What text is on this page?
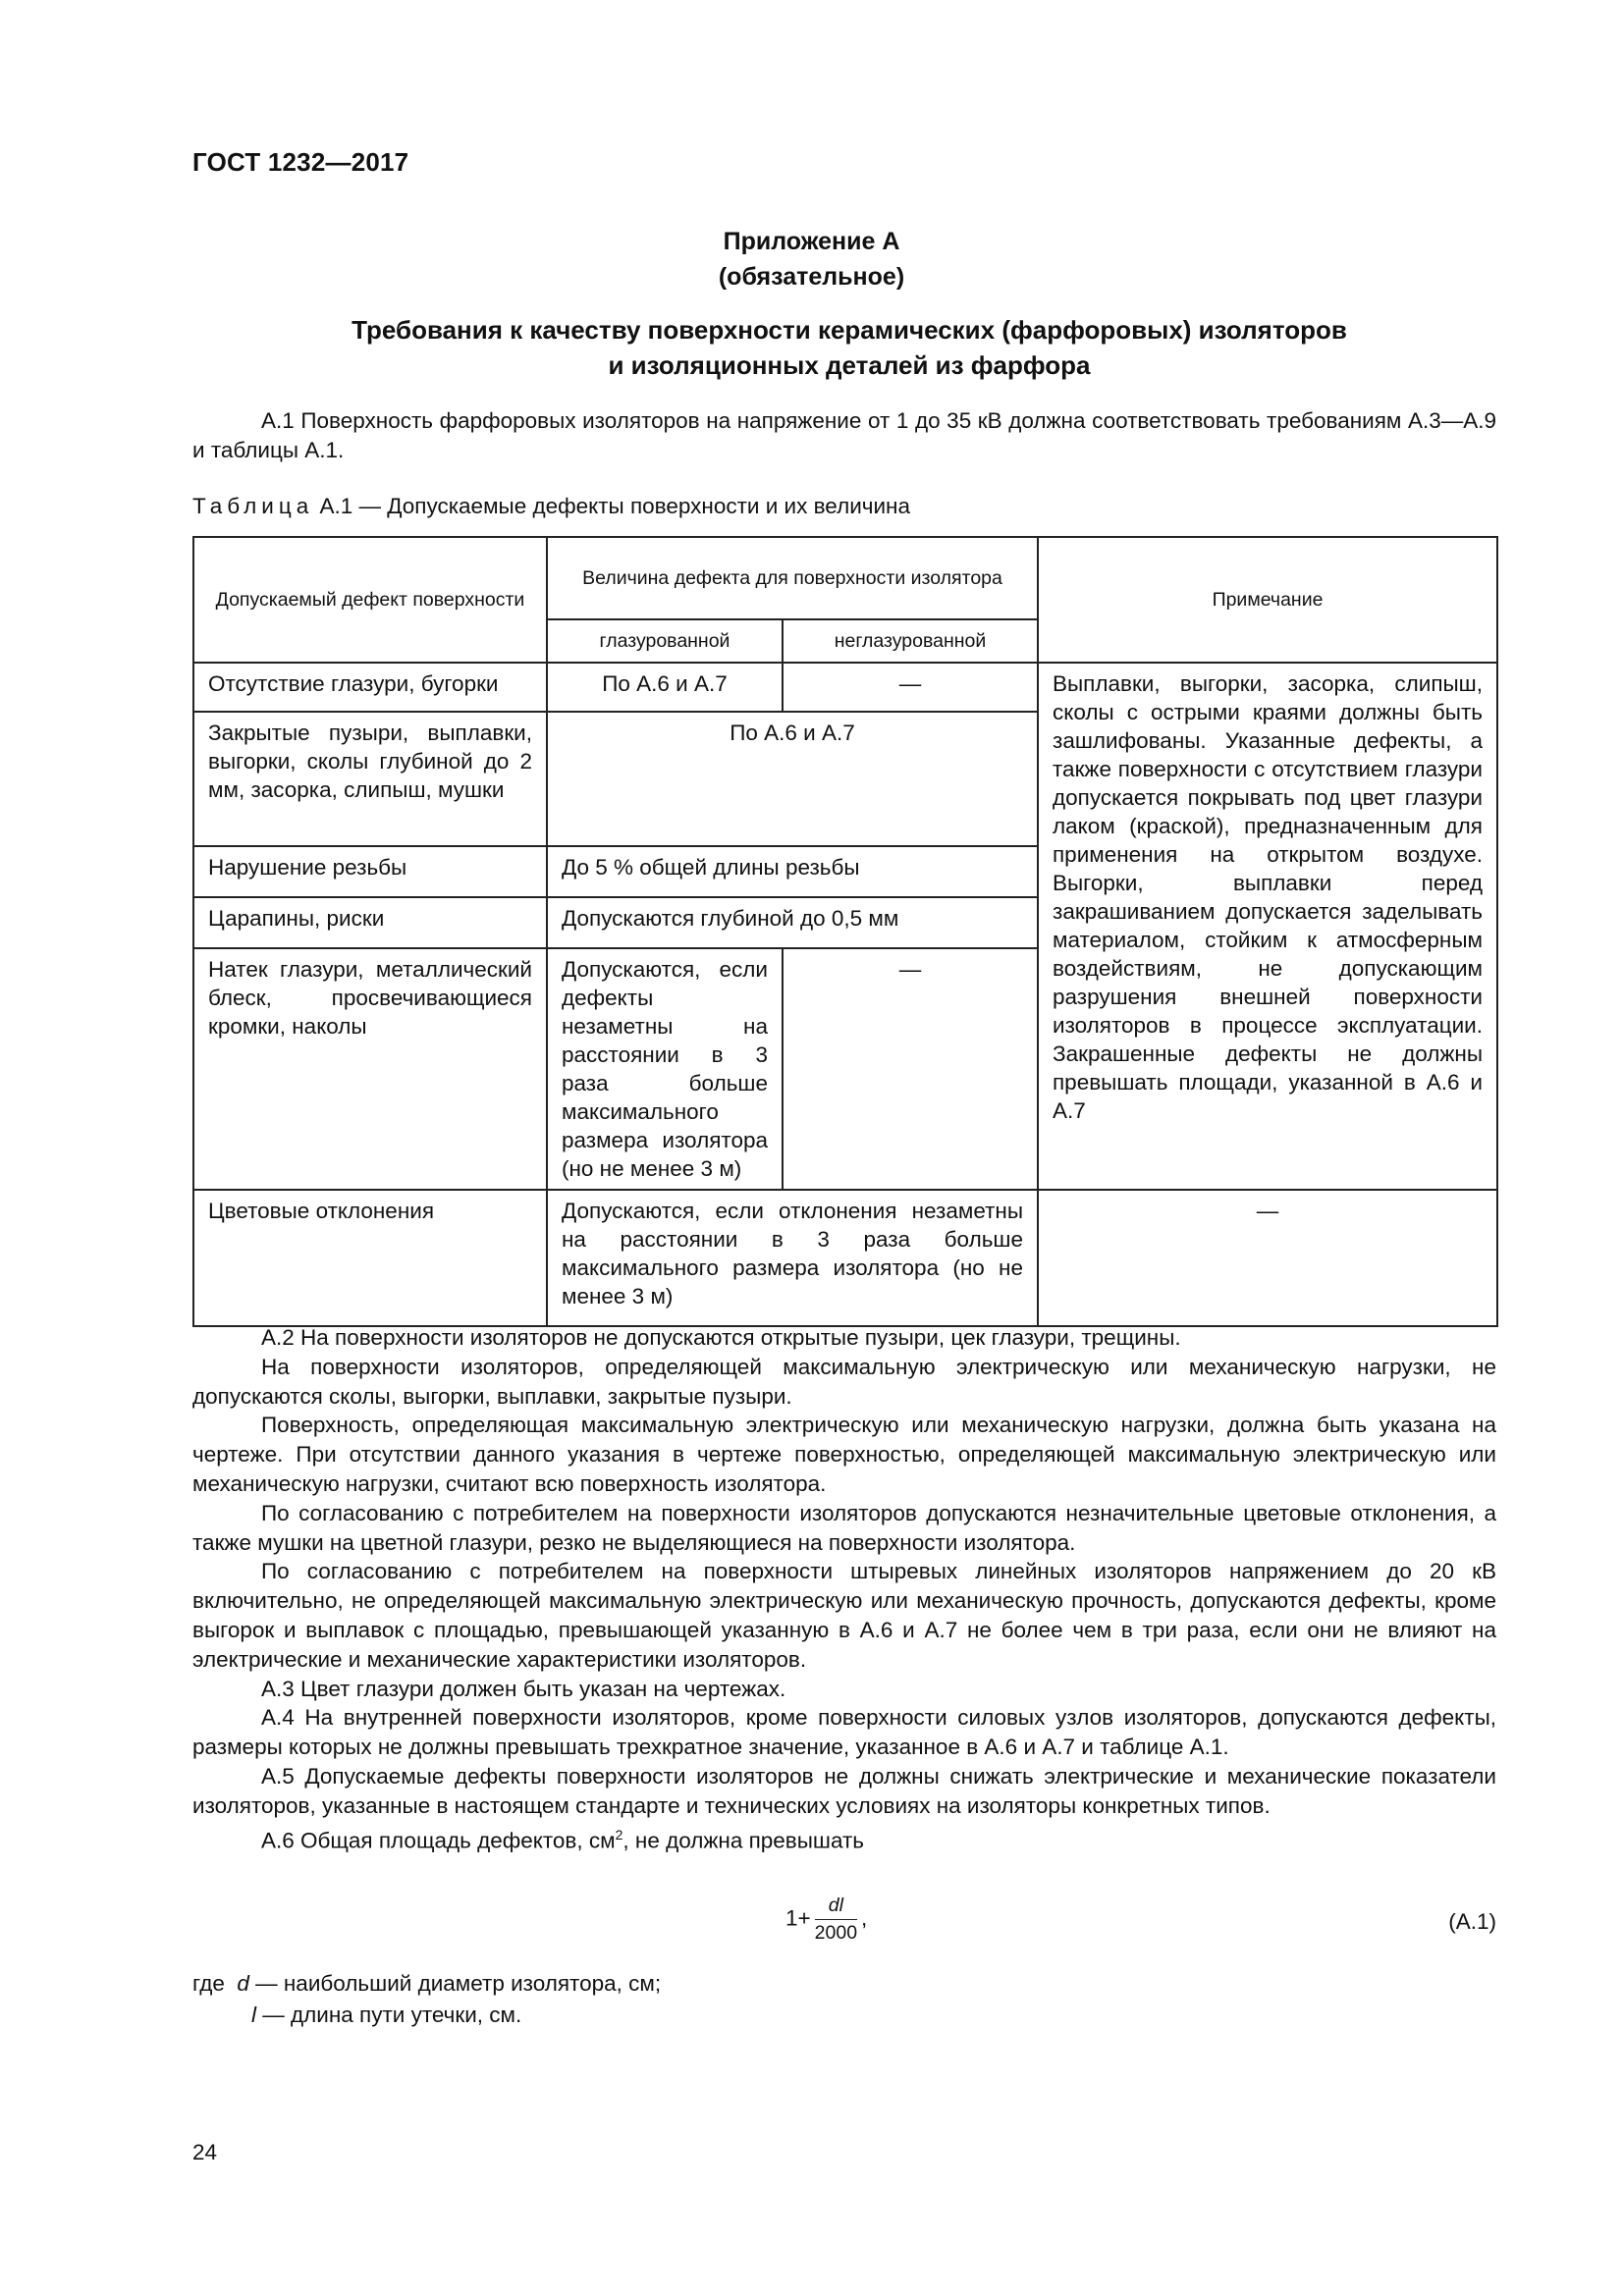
ГОСТ 1232—2017
Приложение А
(обязательное)
Требования к качеству поверхности керамических (фарфоровых) изоляторов
и изоляционных деталей из фарфора

А.1 Поверхность фарфоровых изоляторов на напряжение от 1 до 35 кВ должна соответствовать требованиям А.3—А.9 и таблицы А.1.

Таблица А.1 — Допускаемые дефекты поверхности и их величина
Допускаемый дефект поверхности	Величина дефекта для поверхности изолятора		Примечание
	глазурованной	неглазурованной	
Отсутствие глазури, бугорки	По А.6 и А.7	—	Выплавки, выгорки, засорка, слипыш, сколы с острыми краями должны быть зашлифованы. Указанные дефекты, а также поверхности с отсутствием глазури допускается покрывать под цвет глазури лаком (краской), предназначенным для применения на открытом воздухе. Выгорки, выплавки перед закрашиванием допускается заделывать материалом, стойким к атмосферным воздействиям, не допускающим разрушения внешней поверхности изоляторов в процессе эксплуатации. Закрашенные дефекты не должны превышать площади, указанной в А.6 и А.7
Закрытые пузыри, выплавки, выгорки, сколы глубиной до 2 мм, засорка, слипыш, мушки	По А.6 и А.7		
Нарушение резьбы	До 5 % общей длины резьбы		
Царапины, риски	Допускаются глубиной до 0,5 мм		
Натек глазури, металлический блеск, просвечивающиеся кромки, наколы	Допускаются, если дефекты незаметны на расстоянии в 3 раза больше максимального размера изолятора (но не менее 3 м)	—	
Цветовые отклонения	Допускаются, если отклонения незаметны на расстоянии в 3 раза больше максимального размера изолятора (но не менее 3 м)		—

А.2 На поверхности изоляторов не допускаются открытые пузыри, цек глазури, трещины.

На поверхности изоляторов, определяющей максимальную электрическую или механическую нагрузки, не допускаются сколы, выгорки, выплавки, закрытые пузыри.

Поверхность, определяющая максимальную электрическую или механическую нагрузки, должна быть указана на чертеже. При отсутствии данного указания в чертеже поверхностью, определяющей максимальную электрическую или механическую нагрузки, считают всю поверхность изолятора.

По согласованию с потребителем на поверхности изоляторов допускаются незначительные цветовые отклонения, а также мушки на цветной глазури, резко не выделяющиеся на поверхности изолятора.

По согласованию с потребителем на поверхности штыревых линейных изоляторов напряжением до 20 кВ включительно, не определяющей максимальную электрическую или механическую прочность, допускаются дефекты, кроме выгорок и выплавок с площадью, превышающей указанную в А.6 и А.7 не более чем в три раза, если они не влияют на электрические и механические характеристики изоляторов.

А.3 Цвет глазури должен быть указан на чертежах.

А.4 На внутренней поверхности изоляторов, кроме поверхности силовых узлов изоляторов, допускаются дефекты, размеры которых не должны превышать трехкратное значение, указанное в А.6 и А.7 и таблице А.1.

А.5 Допускаемые дефекты поверхности изоляторов не должны снижать электрические и механические показатели изоляторов, указанные в настоящем стандарте и технических условиях на изоляторы конкретных типов.

А.6 Общая площадь дефектов, $см^2$, не должна превышать

$1+ \frac{dl}{2000}$ ,	(А.1)
где d — наибольший диаметр изолятора, см;
l — длина пути утечки, см.
24
